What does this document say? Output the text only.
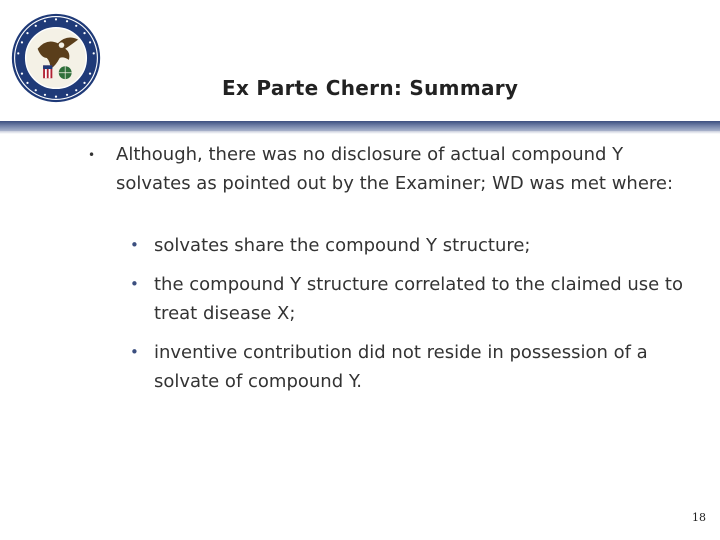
Ex Parte Chern: Summary
• Although, there was no disclosure of actual compound Y solvates as pointed out by the Examiner; WD was met where:
• solvates share the compound Y structure;
• the compound Y structure correlated to the claimed use to treat disease X;
• inventive contribution did not reside in possession of a solvate of compound Y.
18
